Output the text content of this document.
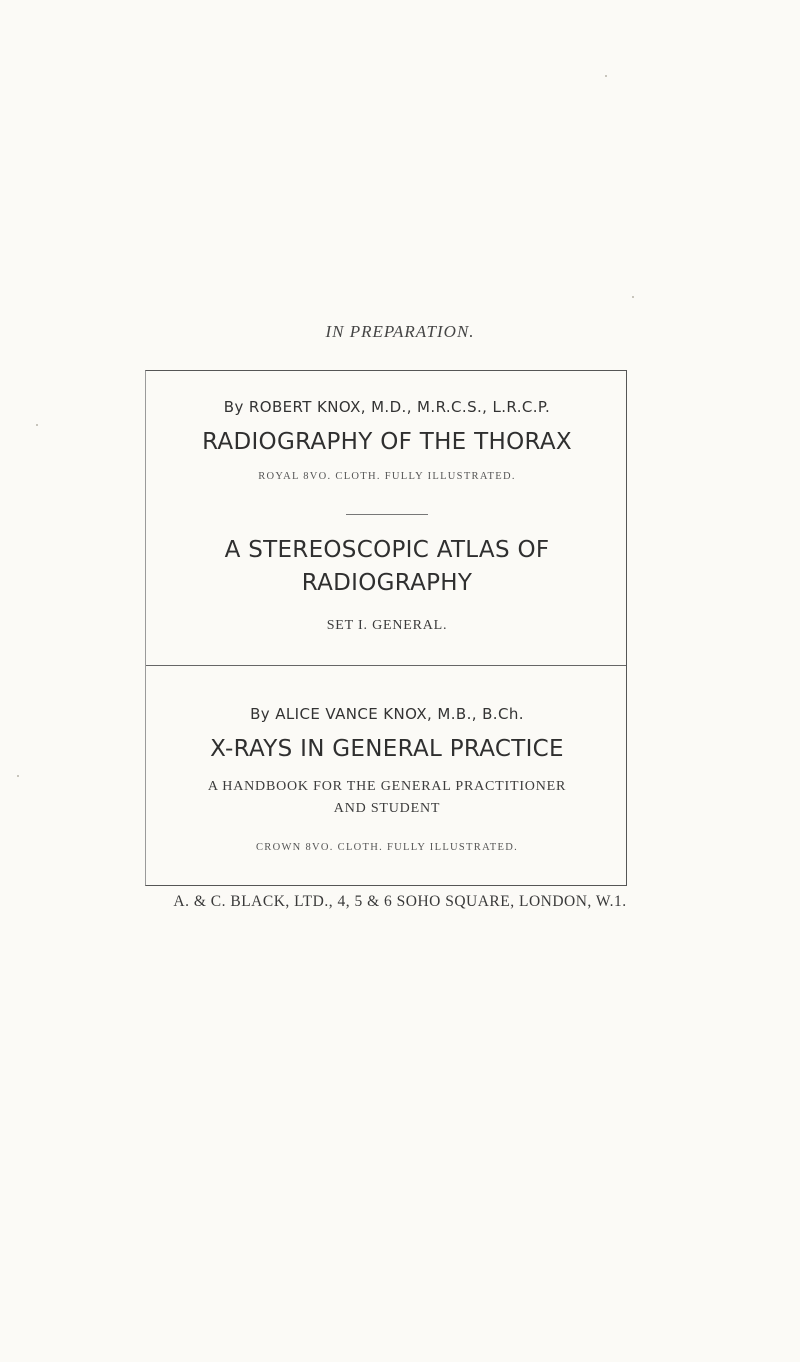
IN PREPARATION.
By ROBERT KNOX, M.D., M.R.C.S., L.R.C.P.
RADIOGRAPHY OF THE THORAX
ROYAL 8VO. CLOTH. FULLY ILLUSTRATED.
A STEREOSCOPIC ATLAS OF
RADIOGRAPHY
SET I. GENERAL.
By ALICE VANCE KNOX, M.B., B.Ch.
X-RAYS IN GENERAL PRACTICE
A HANDBOOK FOR THE GENERAL PRACTITIONER
AND STUDENT
CROWN 8VO. CLOTH. FULLY ILLUSTRATED.
A. & C. BLACK, LTD., 4, 5 & 6 SOHO SQUARE, LONDON, W.1.
